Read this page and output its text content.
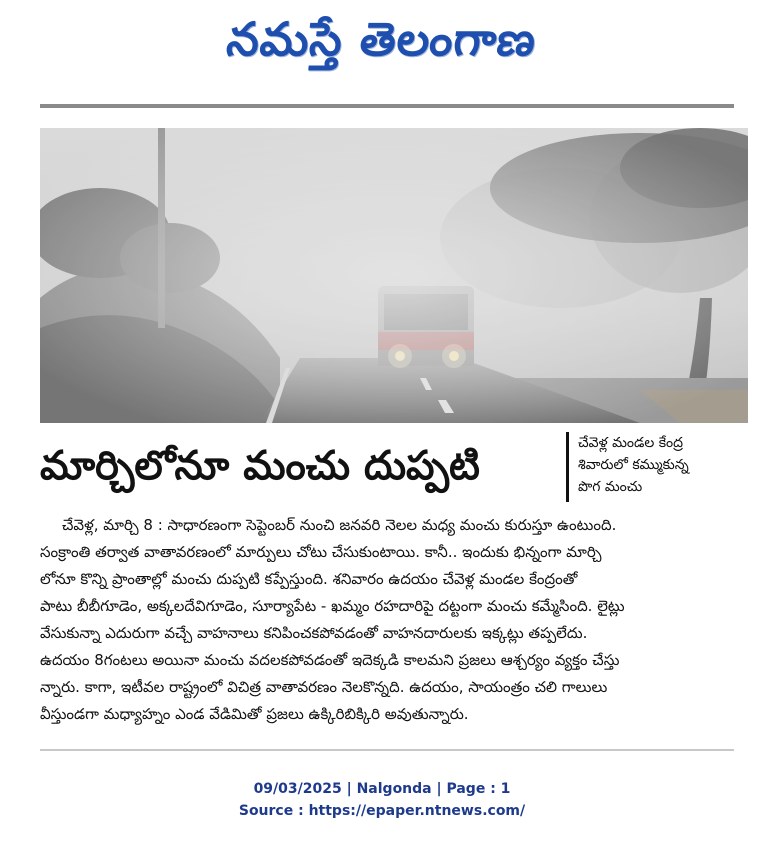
నమస్తే తెలంగాణ
మార్చిలోనూ మంచు దుప్పటి	చేవెళ్ల మండల కేంద్ర
శివారులో కమ్ముకున్న
పొగ మంచు
చేవెళ్ల, మార్చి 8 : సాధారణంగా సెప్టెంబర్ నుంచి జనవరి నెలల మధ్య మంచు కురుస్తూ ఉంటుంది.
సంక్రాంతి తర్వాత వాతావరణంలో మార్పులు చోటు చేసుకుంటాయి. కానీ.. ఇందుకు భిన్నంగా మార్చి
లోనూ కొన్ని ప్రాంతాల్లో మంచు దుప్పటి కప్పేస్తుంది. శనివారం ఉదయం చేవెళ్ల మండల కేంద్రంతో
పాటు బీబీగూడెం, అక్కలదేవిగూడెం, సూర్యాపేట - ఖమ్మం రహదారిపై దట్టంగా మంచు కమ్మేసింది. లైట్లు
వేసుకున్నా ఎదురుగా వచ్చే వాహనాలు కనిపించకపోవడంతో వాహనదారులకు ఇక్కట్లు తప్పలేదు.
ఉదయం 8గంటలు అయినా మంచు వదలకపోవడంతో ఇదెక్కడి కాలమని ప్రజలు ఆశ్చర్యం వ్యక్తం చేస్తు
న్నారు. కాగా, ఇటీవల రాష్ట్రంలో విచిత్ర వాతావరణం నెలకొన్నది. ఉదయం, సాయంత్రం చలి గాలులు
వీస్తుండగా మధ్యాహ్నం ఎండ వేడిమితో ప్రజలు ఉక్కిరిబిక్కిరి అవుతున్నారు.
09/03/2025 | Nalgonda | Page : 1
Source : https://epaper.ntnews.com/
